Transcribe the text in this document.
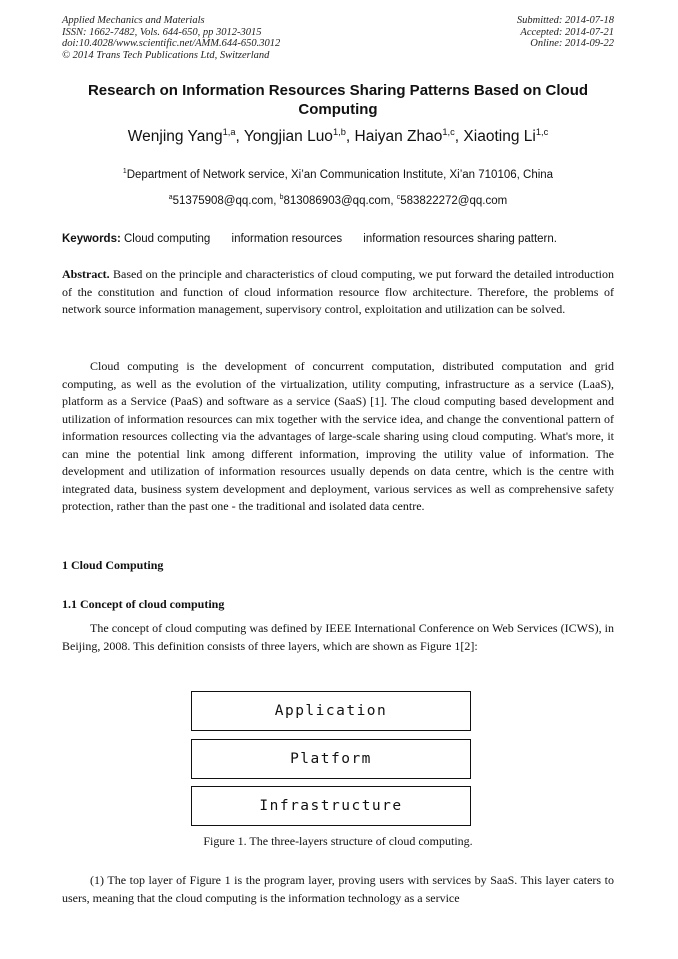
Applied Mechanics and Materials
ISSN: 1662-7482, Vols. 644-650, pp 3012-3015
doi:10.4028/www.scientific.net/AMM.644-650.3012
© 2014 Trans Tech Publications Ltd, Switzerland
Submitted: 2014-07-18
Accepted: 2014-07-21
Online: 2014-09-22
Research on Information Resources Sharing Patterns Based on Cloud Computing
Wenjing Yang$^{1,a}$, Yongjian Luo$^{1,b}$, Haiyan Zhao$^{1,c}$, Xiaoting Li$^{1,c}$
$^1$Department of Network service, Xi’an Communication Institute, Xi’an 710106, China
$^a$51375908@qq.com, $^b$813086903@qq.com, $^c$583822272@qq.com
Keywords: Cloud computing information resources information resources sharing pattern.
Abstract. Based on the principle and characteristics of cloud computing, we put forward the detailed introduction of the constitution and function of cloud information resource flow architecture. Therefore, the problems of network source information management, supervisory control, exploitation and utilization can be solved.
Cloud computing is the development of concurrent computation, distributed computation and grid computing, as well as the evolution of the virtualization, utility computing, infrastructure as a service (LaaS), platform as a Service (PaaS) and software as a service (SaaS) [1]. The cloud computing based development and utilization of information resources can mix together with the service idea, and change the conventional pattern of information resources collecting via the advantages of large-scale sharing using cloud computing. What's more, it can mine the potential link among different information, improving the utility value of information. The development and utilization of information resources usually depends on data centre, which is the centre with integrated data, business system development and deployment, various services as well as comprehensive safety protection, rather than the past one - the traditional and isolated data centre.
1 Cloud Computing
1.1 Concept of cloud computing
The concept of cloud computing was defined by IEEE International Conference on Web Services (ICWS), in Beijing, 2008. This definition consists of three layers, which are shown as Figure 1[2]:
Application
Platform
Infrastructure
Figure 1. The three-layers structure of cloud computing.
(1) The top layer of Figure 1 is the program layer, proving users with services by SaaS. This layer caters to users, meaning that the cloud computing is the information technology as a service
